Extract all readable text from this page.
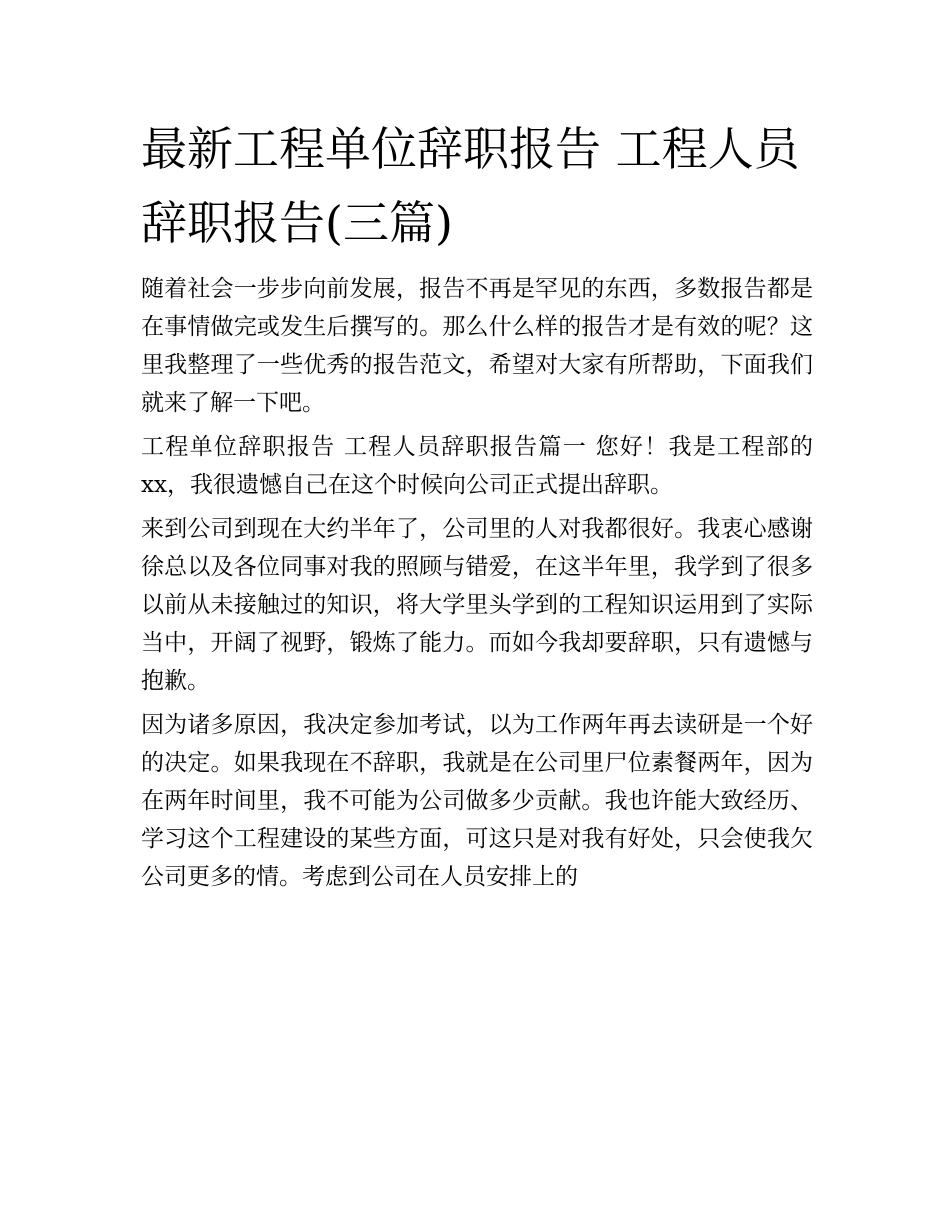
最新工程单位辞职报告 工程人员辞职报告(三篇)

随着社会一步步向前发展，报告不再是罕见的东西，多数报告都是在事情做完或发生后撰写的。那么什么样的报告才是有效的呢？这里我整理了一些优秀的报告范文，希望对大家有所帮助，下面我们就来了解一下吧。

工程单位辞职报告 工程人员辞职报告篇一 您好！我是工程部的xx，我很遗憾自己在这个时候向公司正式提出辞职。

来到公司到现在大约半年了，公司里的人对我都很好。我衷心感谢徐总以及各位同事对我的照顾与错爱，在这半年里，我学到了很多以前从未接触过的知识，将大学里头学到的工程知识运用到了实际当中，开阔了视野，锻炼了能力。而如今我却要辞职，只有遗憾与抱歉。

因为诸多原因，我决定参加考试，以为工作两年再去读研是一个好的决定。如果我现在不辞职，我就是在公司里尸位素餐两年，因为在两年时间里，我不可能为公司做多少贡献。我也许能大致经历、学习这个工程建设的某些方面，可这只是对我有好处，只会使我欠公司更多的情。考虑到公司在人员安排上的
